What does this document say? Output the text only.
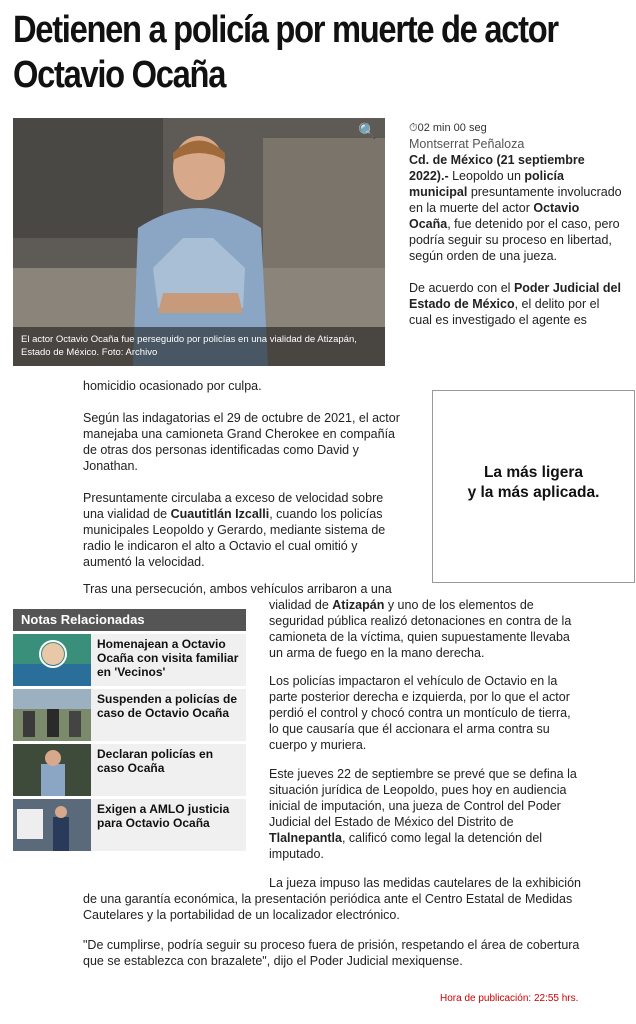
Detienen a policía por muerte de actor Octavio Ocaña
🔍
El actor Octavio Ocaña fue perseguido por policías en una vialidad de Atizapán, Estado de México. Foto: Archivo
⏱02 min 00 seg
Montserrat Peñaloza

Cd. de México (21 septiembre 2022).- Leopoldo un policía municipal presuntamente involucrado en la muerte del actor Octavio Ocaña, fue detenido por el caso, pero podría seguir su proceso en libertad, según orden de una jueza.

De acuerdo con el Poder Judicial del Estado de México, el delito por el cual es investigado el agente es

homicidio ocasionado por culpa.

Según las indagatorias el 29 de octubre de 2021, el actor manejaba una camioneta Grand Cherokee en compañía de otras dos personas identificadas como David y Jonathan.

Presuntamente circulaba a exceso de velocidad sobre una vialidad de Cuautitlán Izcalli, cuando los policías municipales Leopoldo y Gerardo, mediante sistema de radio le indicaron el alto a Octavio el cual omitió y aumentó la velocidad.

Tras una persecución, ambos vehículos arribaron a una

vialidad de Atizapán y uno de los elementos de seguridad pública realizó detonaciones en contra de la camioneta de la víctima, quien supuestamente llevaba un arma de fuego en la mano derecha.

Los policías impactaron el vehículo de Octavio en la parte posterior derecha e izquierda, por lo que el actor perdió el control y chocó contra un montículo de tierra, lo que causaría que él accionara el arma contra su cuerpo y muriera.

Este jueves 22 de septiembre se prevé que se defina la situación jurídica de Leopoldo, pues hoy en audiencia inicial de imputación, una jueza de Control del Poder Judicial del Estado de México del Distrito de Tlalnepantla, calificó como legal la detención del imputado.

La jueza impuso las medidas cautelares de la exhibición

de una garantía económica, la presentación periódica ante el Centro Estatal de Medidas Cautelares y la portabilidad de un localizador electrónico.

"De cumplirse, podría seguir su proceso fuera de prisión, respetando el área de cobertura que se establezca con brazalete", dijo el Poder Judicial mexiquense.

La más ligera
y la más aplicada.
Notas Relacionadas
Homenajean a Octavio Ocaña con visita familiar en 'Vecinos'
Suspenden a policías de caso de Octavio Ocaña
Declaran policías en caso Ocaña
Exigen a AMLO justicia para Octavio Ocaña
Hora de publicación: 22:55 hrs.
